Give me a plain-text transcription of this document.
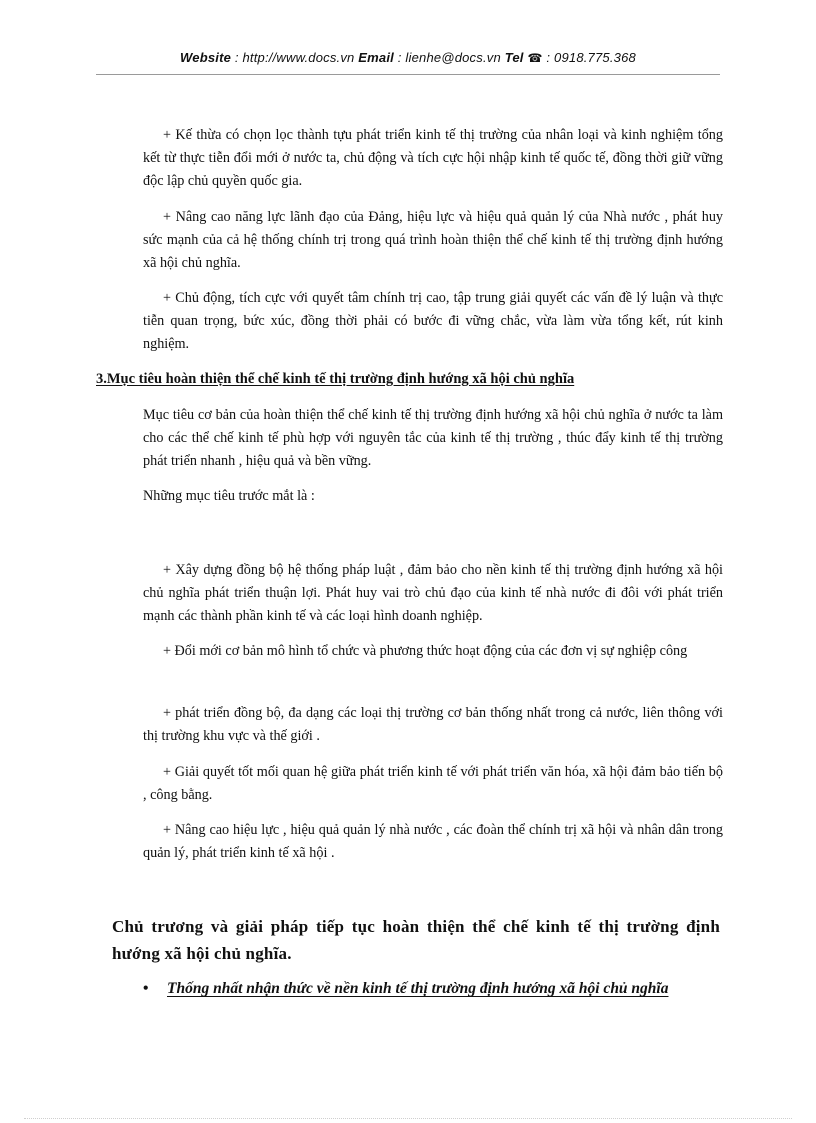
Website : http://www.docs.vn Email : lienhe@docs.vn Tel ☎ : 0918.775.368

+ Kế thừa có chọn lọc thành tựu phát triển kinh tế thị trường của nhân loại và kinh nghiệm tổng kết từ thực tiễn đổi mới ở nước ta, chủ động và tích cực hội nhập kinh tế quốc tế, đồng thời giữ vững độc lập chủ quyền quốc gia.

+ Nâng cao năng lực lãnh đạo của Đảng, hiệu lực và hiệu quả quản lý của Nhà nước , phát huy sức mạnh của cả hệ thống chính trị trong quá trình hoàn thiện thể chế kinh tế thị trường định hướng xã hội chủ nghĩa.

+ Chủ động, tích cực với quyết tâm chính trị cao, tập trung giải quyết các vấn đề lý luận và thực tiễn quan trọng, bức xúc, đồng thời phải có bước đi vững chắc, vừa làm vừa tổng kết, rút kinh nghiệm.

3.Mục tiêu hoàn thiện thể chế kinh tế thị trường định hướng xã hội chủ nghĩa

Mục tiêu cơ bản của hoàn thiện thể chế kinh tế thị trường định hướng xã hội chủ nghĩa ở nước ta làm cho các thể chế kinh tế phù hợp với nguyên tắc của kinh tế thị trường , thúc đẩy kinh tế thị trường phát triển nhanh , hiệu quả và bền vững.

Những mục tiêu trước mắt là :

+ Xây dựng đồng bộ hệ thống pháp luật , đảm bảo cho nền kinh tế thị trường định hướng xã hội chủ nghĩa phát triển thuận lợi. Phát huy vai trò chủ đạo của kinh tế nhà nước đi đôi với phát triển mạnh các thành phần kinh tế và các loại hình doanh nghiệp.

+ Đổi mới cơ bản mô hình tổ chức và phương thức hoạt động của các đơn vị sự nghiệp công

+ phát triển đồng bộ, đa dạng các loại thị trường cơ bản thống nhất trong cả nước, liên thông với thị trường khu vực và thế giới .

+ Giải quyết tốt mối quan hệ giữa phát triển kinh tế với phát triển văn hóa, xã hội đảm bảo tiến bộ , công bằng.

+ Nâng cao hiệu lực , hiệu quả quản lý nhà nước , các đoàn thể chính trị xã hội và nhân dân trong quản lý, phát triển kinh tế xã hội .

Chủ trương và giải pháp tiếp tục hoàn thiện thể chế kinh tế thị trường định hướng xã hội chủ nghĩa.

• Thống nhất nhận thức về nền kinh tế thị trường định hướng xã hội chủ nghĩa
